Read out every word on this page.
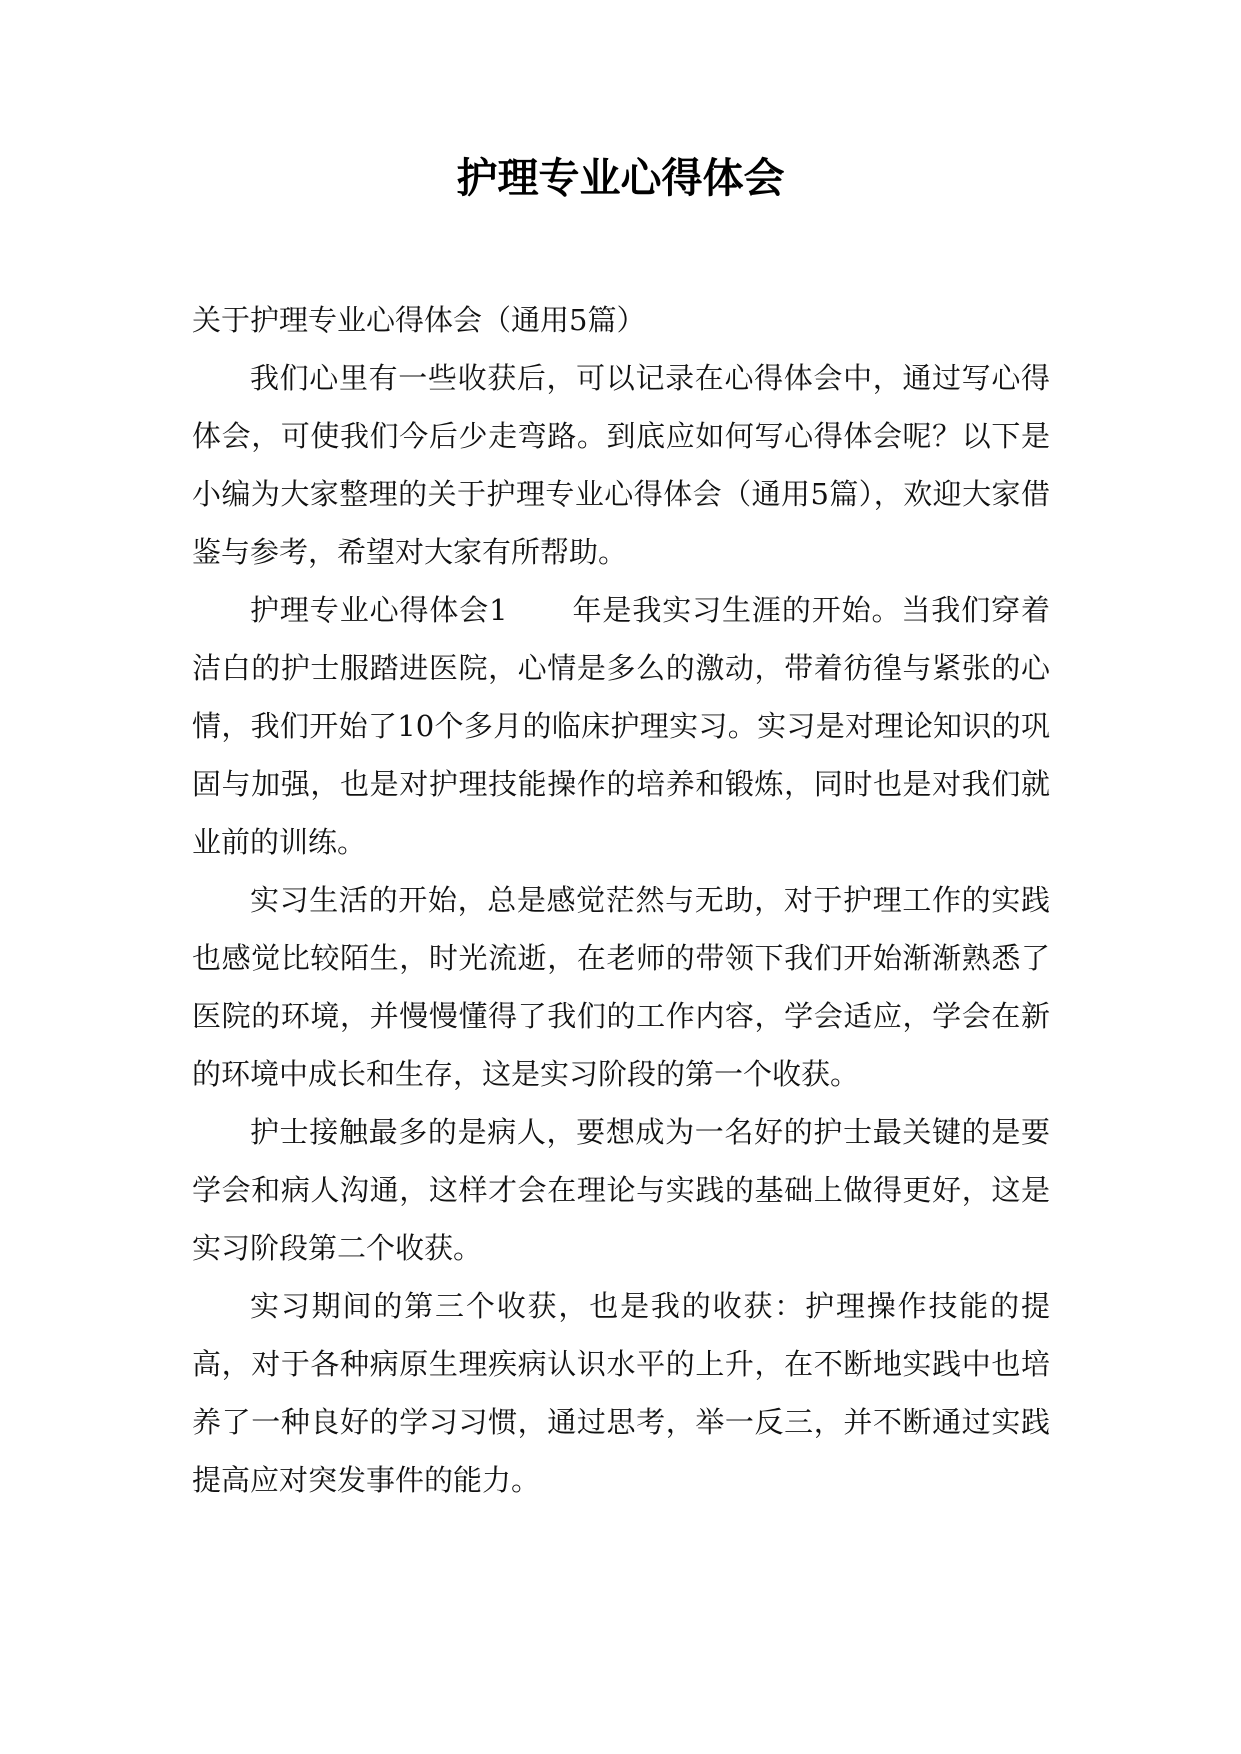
护理专业心得体会

关于护理专业心得体会（通用5篇）

我们心里有一些收获后，可以记录在心得体会中，通过写心得体会，可使我们今后少走弯路。到底应如何写心得体会呢？以下是小编为大家整理的关于护理专业心得体会（通用5篇），欢迎大家借鉴与参考，希望对大家有所帮助。

护理专业心得体会1 年是我实习生涯的开始。当我们穿着洁白的护士服踏进医院，心情是多么的激动，带着彷徨与紧张的心情，我们开始了10个多月的临床护理实习。实习是对理论知识的巩固与加强，也是对护理技能操作的培养和锻炼，同时也是对我们就业前的训练。

实习生活的开始，总是感觉茫然与无助，对于护理工作的实践也感觉比较陌生，时光流逝，在老师的带领下我们开始渐渐熟悉了医院的环境，并慢慢懂得了我们的工作内容，学会适应，学会在新的环境中成长和生存，这是实习阶段的第一个收获。

护士接触最多的是病人，要想成为一名好的护士最关键的是要学会和病人沟通，这样才会在理论与实践的基础上做得更好，这是实习阶段第二个收获。

实习期间的第三个收获，也是我的收获：护理操作技能的提高，对于各种病原生理疾病认识水平的上升，在不断地实践中也培养了一种良好的学习习惯，通过思考，举一反三，并不断通过实践提高应对突发事件的能力。
